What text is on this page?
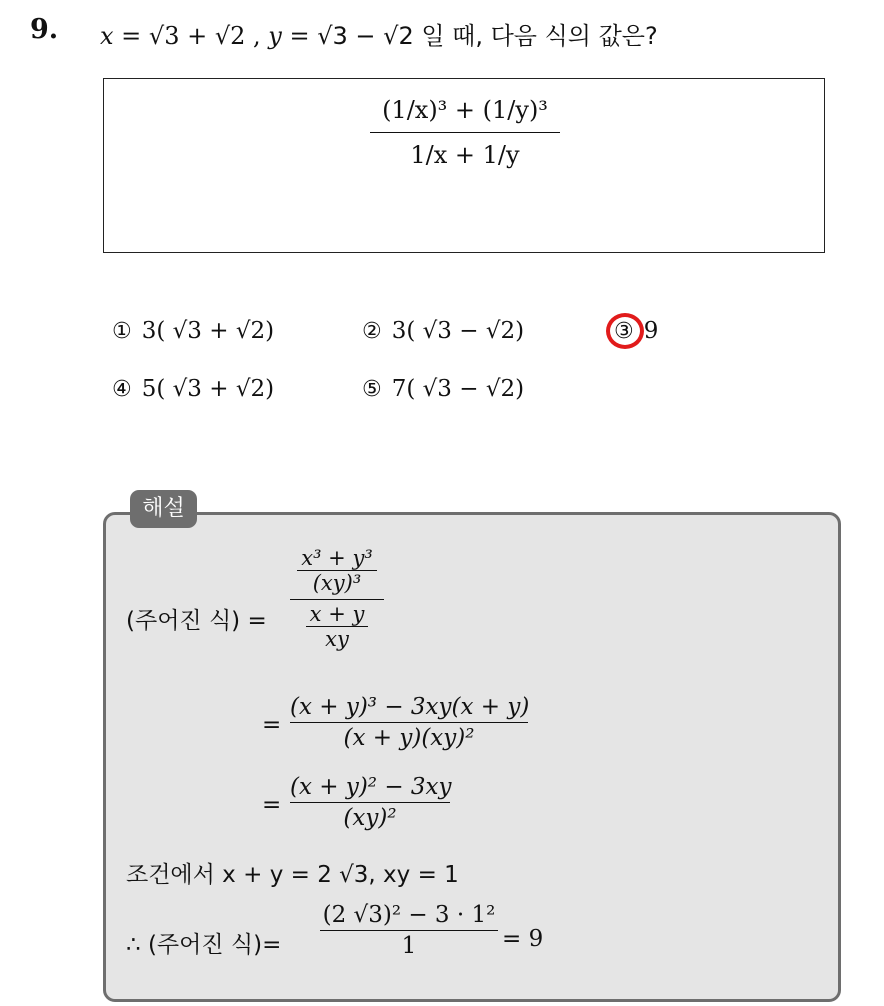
9. x = √3 + √2 , y = √3 − √2 일 때, 다음 식의 값은?
$\frac{\text{(1/x)³ + (1/y)³}}{1/x + 1/y}$
① 3( √3 + √2)	② 3( √3 − √2)	③ 9
④ 5( √3 + √2)	⑤ 7( √3 − √2)
해설
(주어진 식) = $\frac{\frac{\text{x³ + y³}}{\text{(xy)³}}}{\frac{x + y}{xy}}$
= $\frac{\text{(x + y)³ − 3xy(x + y)}}{\text{(x + y)(xy)²}}$
= $\frac{\text{(x + y)² − 3xy}}{\text{(xy)²}}$
조건에서 x + y = 2 √3, xy = 1
∴ (주어진 식)= $\frac{\text{(2 √3)² − 3 · 1²}}{1} = 9$
